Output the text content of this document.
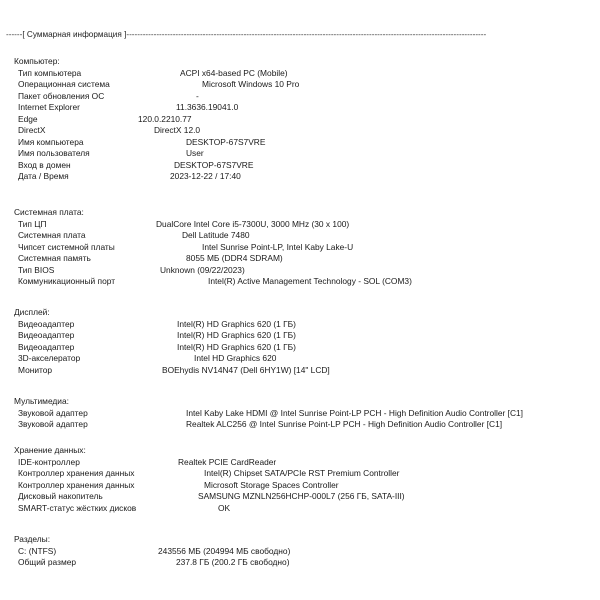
------[ Суммарная информация ]------------------------------------------------------------------------------------------------------------------------------------
Компьютер:
Тип компьютера	ACPI x64-based PC (Mobile)
Операционная система	Microsoft Windows 10 Pro
Пакет обновления ОС	-
Internet Explorer	11.3636.19041.0
Edge	120.0.2210.77
DirectX	DirectX 12.0
Имя компьютера	DESKTOP-67S7VRE
Имя пользователя	User
Вход в домен	DESKTOP-67S7VRE
Дата / Время	2023-12-22 / 17:40
Системная плата:
Тип ЦП	DualCore Intel Core i5-7300U, 3000 MHz (30 x 100)
Системная плата	Dell Latitude 7480
Чипсет системной платы	Intel Sunrise Point-LP, Intel Kaby Lake-U
Системная память	8055 МБ (DDR4 SDRAM)
Тип BIOS	Unknown (09/22/2023)
Коммуникационный порт	Intel(R) Active Management Technology - SOL (COM3)
Дисплей:
Видеоадаптер	Intel(R) HD Graphics 620 (1 ГБ)
Видеоадаптер	Intel(R) HD Graphics 620 (1 ГБ)
Видеоадаптер	Intel(R) HD Graphics 620 (1 ГБ)
3D-акселератор	Intel HD Graphics 620
Монитор	BOEhydis NV14N47 (Dell 6HY1W) [14" LCD]
Мультимедиа:
Звуковой адаптер	Intel Kaby Lake HDMI @ Intel Sunrise Point-LP PCH - High Definition Audio Controller [C1]
Звуковой адаптер	Realtek ALC256 @ Intel Sunrise Point-LP PCH - High Definition Audio Controller [C1]
Хранение данных:
IDE-контроллер	Realtek PCIE CardReader
Контроллер хранения данных	Intel(R) Chipset SATA/PCIe RST Premium Controller
Контроллер хранения данных	Microsoft Storage Spaces Controller
Дисковый накопитель	SAMSUNG MZNLN256HCHP-000L7 (256 ГБ, SATA-III)
SMART-статус жёстких дисков	OK
Разделы:
C: (NTFS)	243556 МБ (204994 МБ свободно)
Общий размер	237.8 ГБ (200.2 ГБ свободно)
